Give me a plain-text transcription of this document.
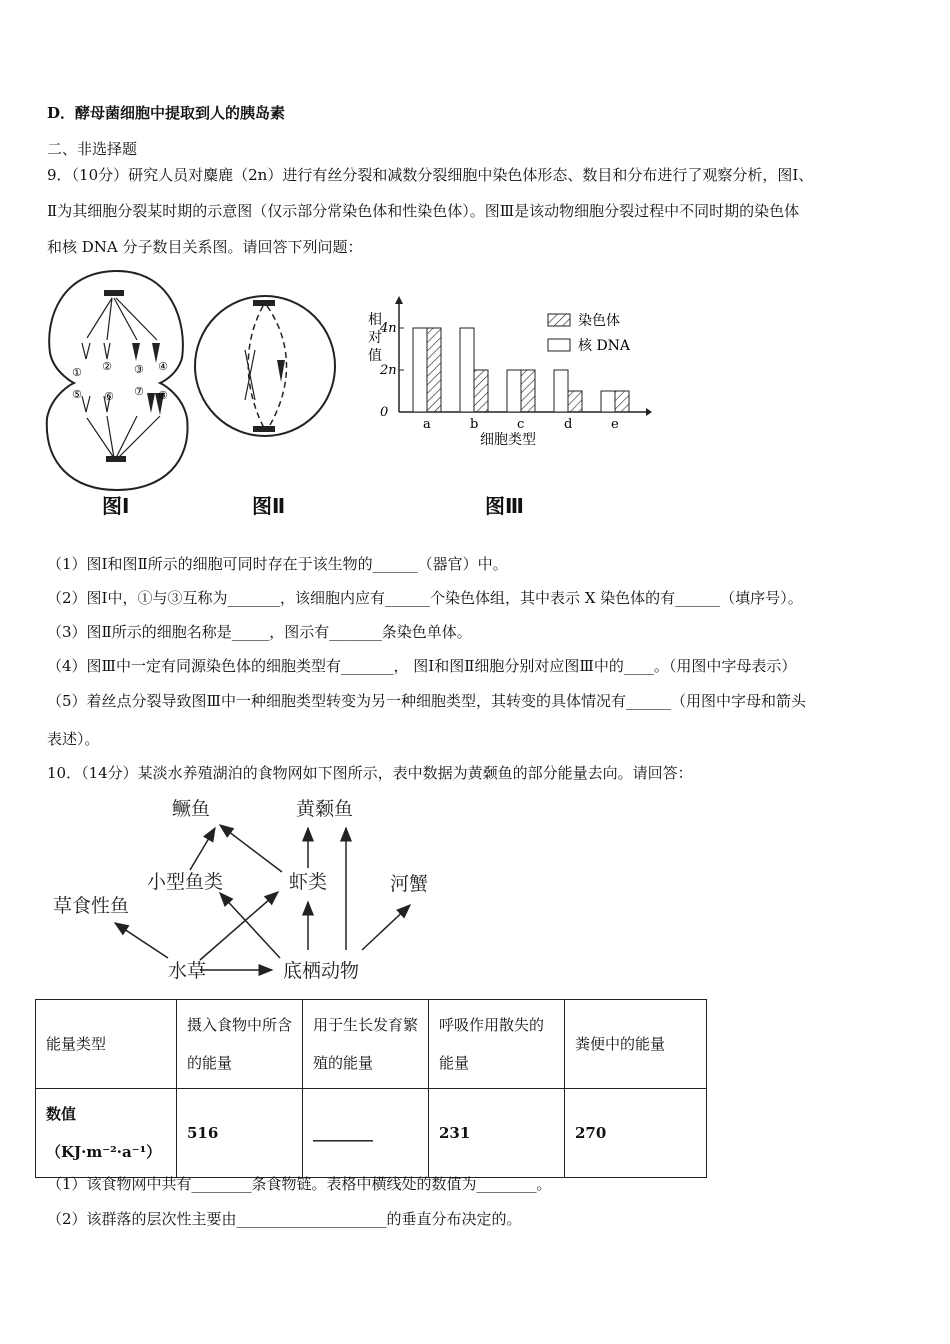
D．酵母菌细胞中提取到人的胰岛素
二、非选择题
9．（10分）研究人员对麋鹿（2n）进行有丝分裂和减数分裂细胞中染色体形态、数目和分布进行了观察分析，图Ⅰ、
Ⅱ为其细胞分裂某时期的示意图（仅示部分常染色体和性染色体）。图Ⅲ是该动物细胞分裂过程中不同时期的染色体
和核 DNA 分子数目关系图。请回答下列问题：
① ② ③ ④
⑤ ⑥ ⑦ ⑧
图Ⅰ	图Ⅱ
0
2n
4n
a	b	c	d	e
相
对
值
染色体
核 DNA
细胞类型
图Ⅲ
（1）图Ⅰ和图Ⅱ所示的细胞可同时存在于该生物的______（器官）中。
（2）图Ⅰ中，①与③互称为_______，该细胞内应有______个染色体组，其中表示 X 染色体的有______（填序号）。
（3）图Ⅱ所示的细胞名称是_____，图示有_______条染色单体。
（4）图Ⅲ中一定有同源染色体的细胞类型有_______， 图Ⅰ和图Ⅱ细胞分别对应图Ⅲ中的____。（用图中字母表示）
（5）着丝点分裂导致图Ⅲ中一种细胞类型转变为另一种细胞类型，其转变的具体情况有______（用图中字母和箭头
表述）。
10．（14分）某淡水养殖湖泊的食物网如下图所示，表中数据为黄颡鱼的部分能量去向。请回答：
鳜鱼	黄颡鱼
小型鱼类	虾类	河蟹
草食性鱼
水草	底栖动物
能量类型	摄入食物中所含的能量	用于生长发育繁殖的能量	呼吸作用散失的能量	粪便中的能量
数值（KJ·m⁻²·a⁻¹）	516	________	231	270
（1）该食物网中共有________条食物链。表格中横线处的数值为________。
（2）该群落的层次性主要由____________________的垂直分布决定的。
